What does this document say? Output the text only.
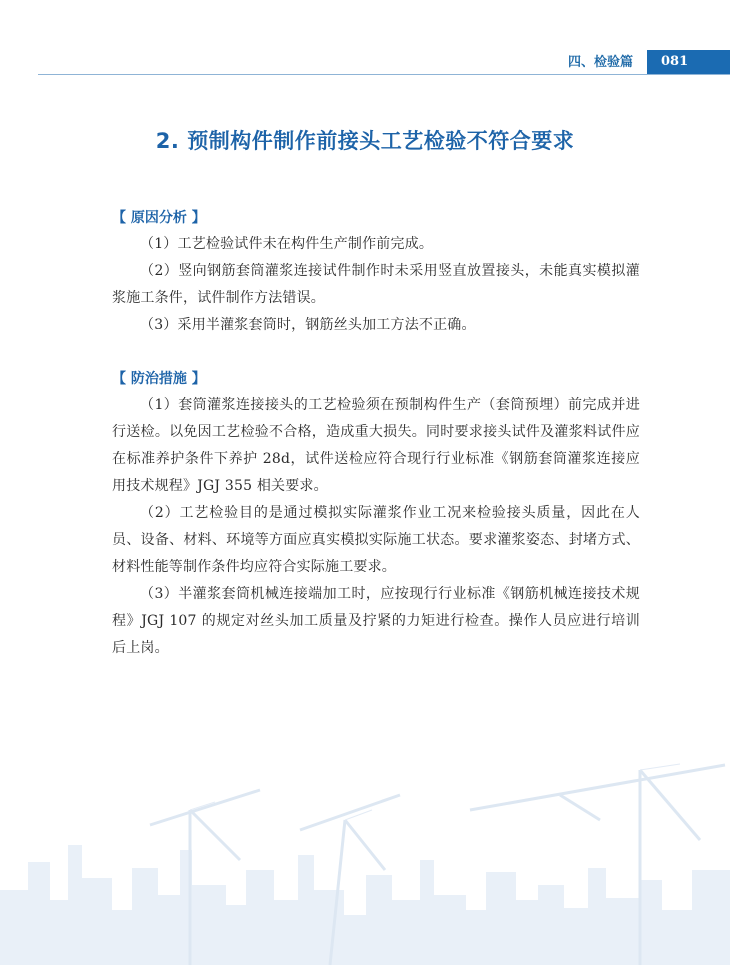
四、检验篇	081
2. 预制构件制作前接头工艺检验不符合要求
【 原因分析 】

（1）工艺检验试件未在构件生产制作前完成。

（2）竖向钢筋套筒灌浆连接试件制作时未采用竖直放置接头，未能真实模拟灌浆施工条件，试件制作方法错误。

（3）采用半灌浆套筒时，钢筋丝头加工方法不正确。

【 防治措施 】

（1）套筒灌浆连接接头的工艺检验须在预制构件生产（套筒预埋）前完成并进行送检。以免因工艺检验不合格，造成重大损失。同时要求接头试件及灌浆料试件应在标准养护条件下养护 28d，试件送检应符合现行行业标准《钢筋套筒灌浆连接应用技术规程》JGJ 355 相关要求。

（2）工艺检验目的是通过模拟实际灌浆作业工况来检验接头质量，因此在人员、设备、材料、环境等方面应真实模拟实际施工状态。要求灌浆姿态、封堵方式、材料性能等制作条件均应符合实际施工要求。

（3）半灌浆套筒机械连接端加工时，应按现行行业标准《钢筋机械连接技术规程》JGJ 107 的规定对丝头加工质量及拧紧的力矩进行检查。操作人员应进行培训后上岗。
